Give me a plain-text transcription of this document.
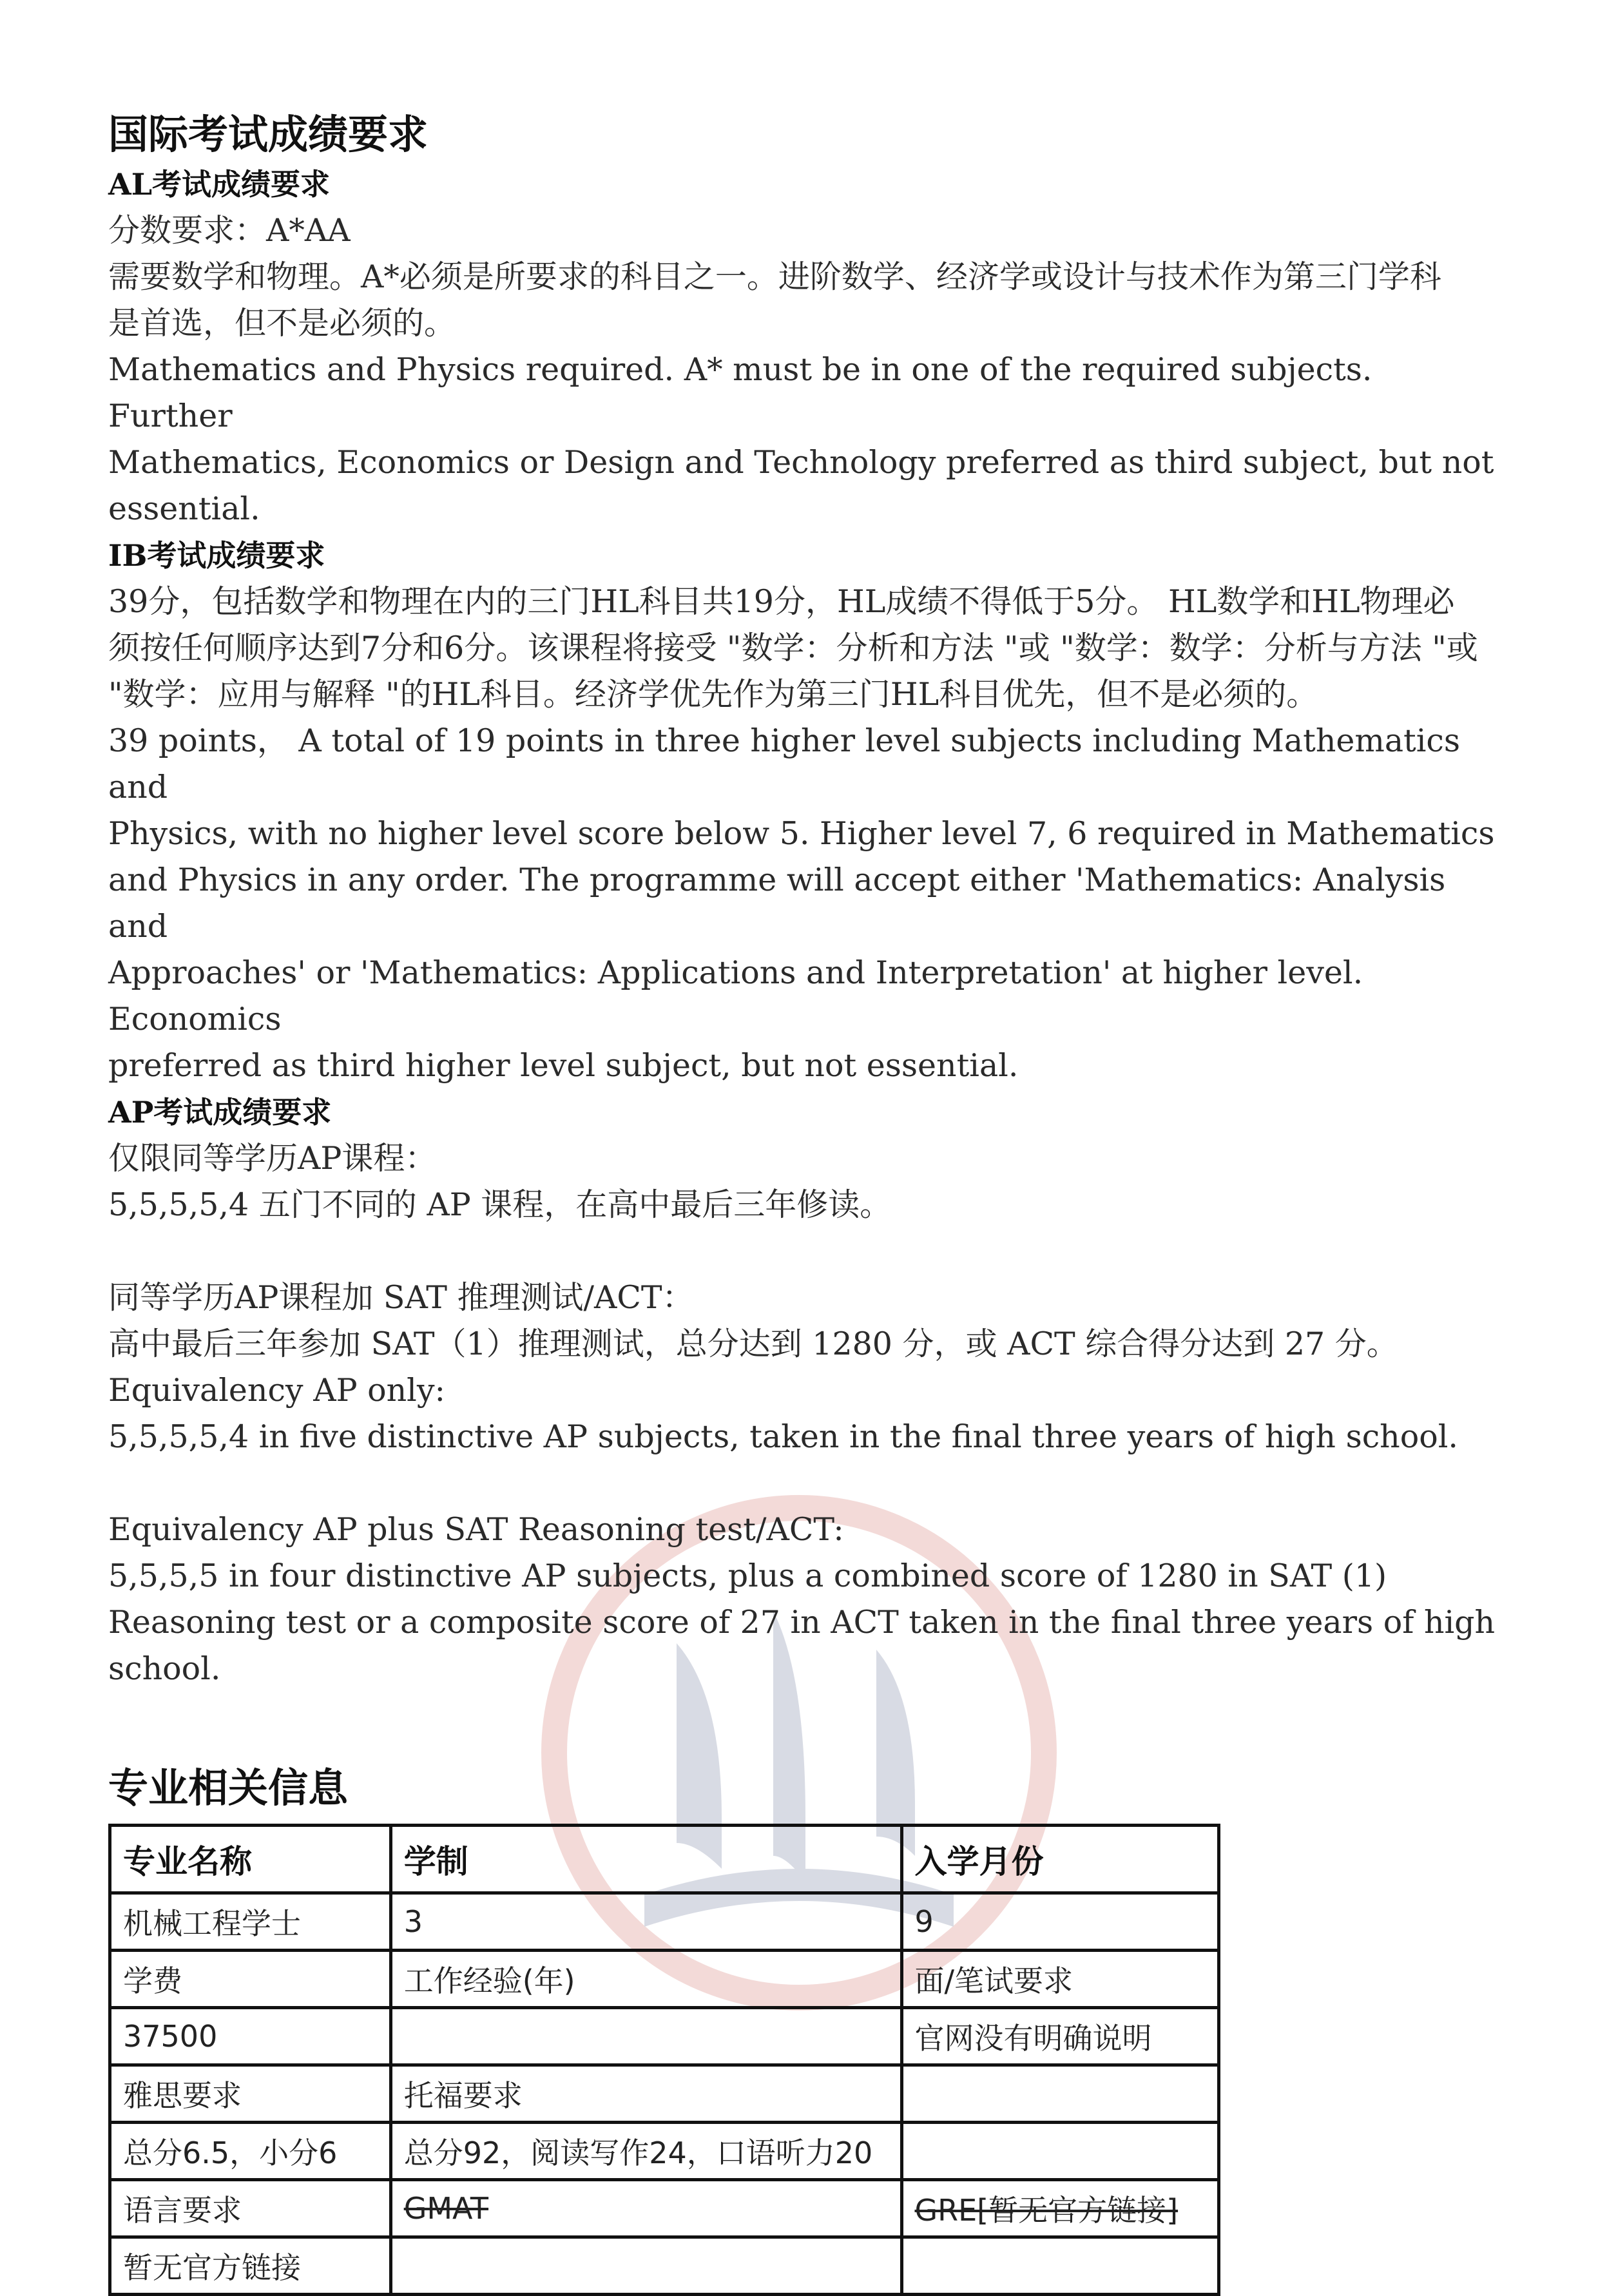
国际考试成绩要求
AL考试成绩要求
分数要求：A*AA
需要数学和物理。A*必须是所要求的科目之一。进阶数学、经济学或设计与技术作为第三门学科
是首选，但不是必须的。
Mathematics and Physics required. A* must be in one of the required subjects. Further
Mathematics, Economics or Design and Technology preferred as third subject, but not
essential.
IB考试成绩要求
39分，包括数学和物理在内的三门HL科目共19分，HL成绩不得低于5分。 HL数学和HL物理必
须按任何顺序达到7分和6分。该课程将接受 "数学：分析和方法 "或 "数学：数学：分析与方法 "或
"数学：应用与解释 "的HL科目。经济学优先作为第三门HL科目优先，但不是必须的。
39 points， A total of 19 points in three higher level subjects including Mathematics and
Physics, with no higher level score below 5. Higher level 7, 6 required in Mathematics
and Physics in any order. The programme will accept either 'Mathematics: Analysis and
Approaches' or 'Mathematics: Applications and Interpretation' at higher level. Economics
preferred as third higher level subject, but not essential.
AP考试成绩要求
仅限同等学历AP课程：
5,5,5,5,4 五门不同的 AP 课程，在高中最后三年修读。
同等学历AP课程加 SAT 推理测试/ACT：
高中最后三年参加 SAT（1）推理测试，总分达到 1280 分，或 ACT 综合得分达到 27 分。
Equivalency AP only:
5,5,5,5,4 in five distinctive AP subjects, taken in the final three years of high school.
Equivalency AP plus SAT Reasoning test/ACT:
5,5,5,5 in four distinctive AP subjects, plus a combined score of 1280 in SAT (1)
Reasoning test or a composite score of 27 in ACT taken in the final three years of high
school.
专业相关信息
专业名称	学制	入学月份
机械工程学士	3	9
学费	工作经验(年)	面/笔试要求
37500		官网没有明确说明
雅思要求	托福要求	
总分6.5，小分6	总分92，阅读写作24，口语听力20	
语言要求	GMAT	GRE[暂无官方链接]
暂无官方链接		
